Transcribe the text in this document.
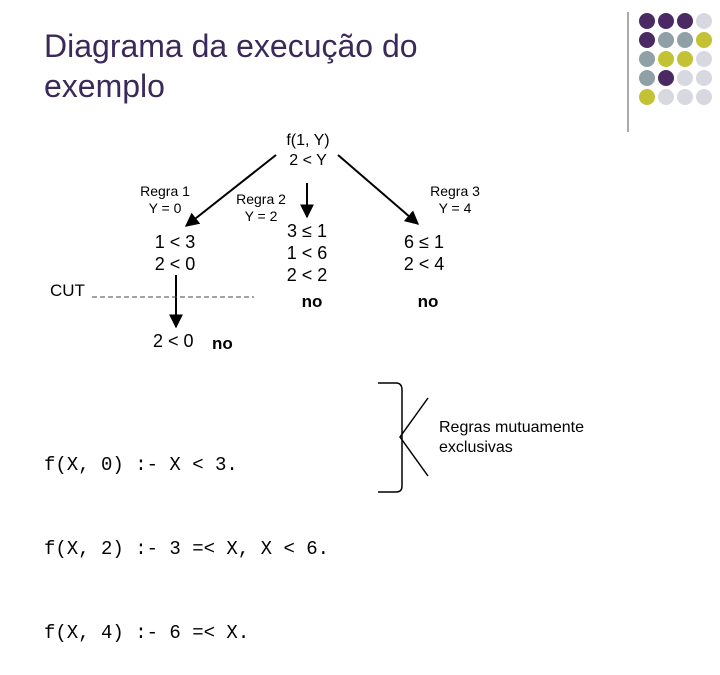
Diagrama da execução do
exemplo
f(1, Y)
2 < Y
Regra 1
Y = 0
Regra 2
Y = 2
Regra 3
Y = 4
1 < 3
2 < 0
3 ≤ 1
1 < 6
2 < 2
no
6 ≤ 1
2 < 4
no
CUT
2 < 0 no

f(X, 0) :- X < 3.

f(X, 2) :- 3 =< X, X < 6.

f(X, 4) :- 6 =< X.

Regras mutuamente
exclusivas
